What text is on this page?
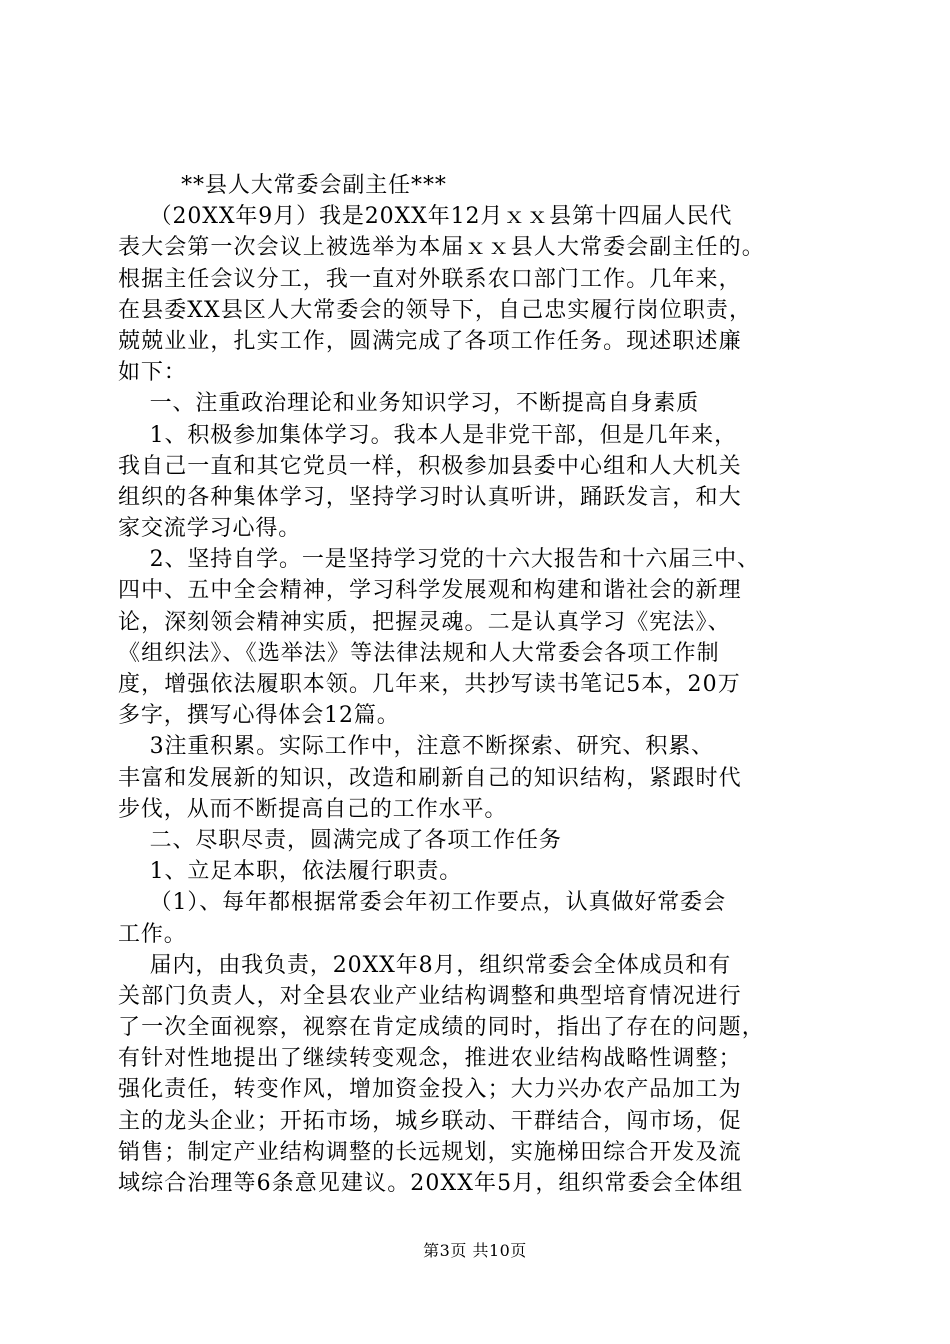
**县人大常委会副主任***
（20XX年9月）我是20XX年12月ｘｘ县第十四届人民代
表大会第一次会议上被选举为本届ｘｘ县人大常委会副主任的。
根据主任会议分工，我一直对外联系农口部门工作。几年来，
在县委XX县区人大常委会的领导下，自己忠实履行岗位职责，
兢兢业业，扎实工作，圆满完成了各项工作任务。现述职述廉
如下：
一、注重政治理论和业务知识学习，不断提高自身素质
1、积极参加集体学习。我本人是非党干部，但是几年来，
我自己一直和其它党员一样，积极参加县委中心组和人大机关
组织的各种集体学习，坚持学习时认真听讲，踊跃发言，和大
家交流学习心得。
2、坚持自学。一是坚持学习党的十六大报告和十六届三中、
四中、五中全会精神，学习科学发展观和构建和谐社会的新理
论，深刻领会精神实质，把握灵魂。二是认真学习《宪法》、
《组织法》、《选举法》等法律法规和人大常委会各项工作制
度，增强依法履职本领。几年来，共抄写读书笔记5本，20万
多字，撰写心得体会12篇。
3注重积累。实际工作中，注意不断探索、研究、积累、
丰富和发展新的知识，改造和刷新自己的知识结构，紧跟时代
步伐，从而不断提高自己的工作水平。
二、尽职尽责，圆满完成了各项工作任务
1、立足本职，依法履行职责。
（1）、每年都根据常委会年初工作要点，认真做好常委会
工作。
届内，由我负责，20XX年8月，组织常委会全体成员和有
关部门负责人，对全县农业产业结构调整和典型培育情况进行
了一次全面视察，视察在肯定成绩的同时，指出了存在的问题，
有针对性地提出了继续转变观念，推进农业结构战略性调整；
强化责任，转变作风，增加资金投入；大力兴办农产品加工为
主的龙头企业；开拓市场，城乡联动、干群结合，闯市场，促
销售；制定产业结构调整的长远规划，实施梯田综合开发及流
域综合治理等6条意见建议。20XX年5月，组织常委会全体组
第3页 共10页
